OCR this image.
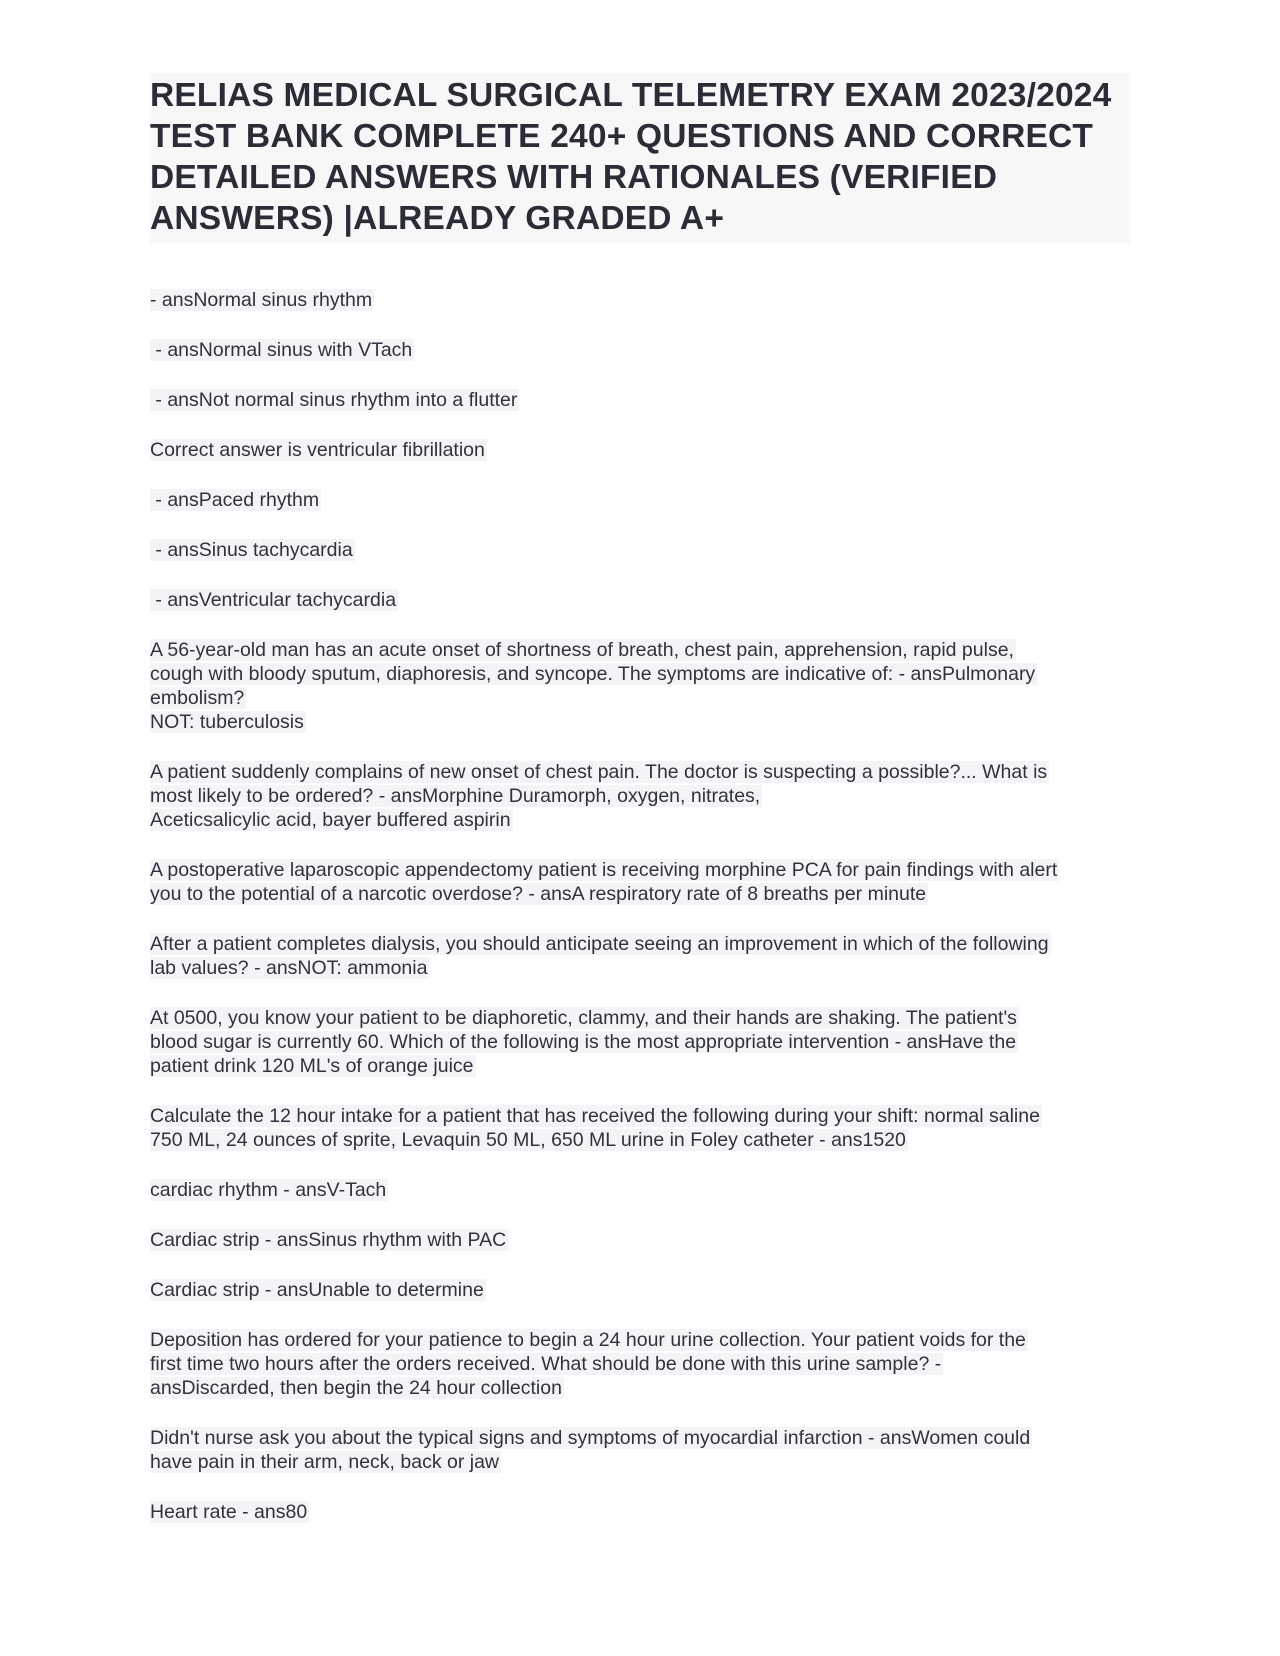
RELIAS MEDICAL SURGICAL TELEMETRY EXAM 2023/2024 TEST BANK COMPLETE 240+ QUESTIONS AND CORRECT DETAILED ANSWERS WITH RATIONALES (VERIFIED ANSWERS) |ALREADY GRADED A+
- ansNormal sinus rhythm
- ansNormal sinus with VTach
- ansNot normal sinus rhythm into a flutter
Correct answer is ventricular fibrillation
- ansPaced rhythm
- ansSinus tachycardia
- ansVentricular tachycardia
A 56-year-old man has an acute onset of shortness of breath, chest pain, apprehension, rapid pulse,
cough with bloody sputum, diaphoresis, and syncope. The symptoms are indicative of: - ansPulmonary
embolism?
NOT: tuberculosis
A patient suddenly complains of new onset of chest pain. The doctor is suspecting a possible?... What is
most likely to be ordered? - ansMorphine Duramorph, oxygen, nitrates,
Aceticsalicylic acid, bayer buffered aspirin
A postoperative laparoscopic appendectomy patient is receiving morphine PCA for pain findings with alert
you to the potential of a narcotic overdose? - ansA respiratory rate of 8 breaths per minute
After a patient completes dialysis, you should anticipate seeing an improvement in which of the following
lab values? - ansNOT: ammonia
At 0500, you know your patient to be diaphoretic, clammy, and their hands are shaking. The patient's
blood sugar is currently 60. Which of the following is the most appropriate intervention - ansHave the
patient drink 120 ML's of orange juice
Calculate the 12 hour intake for a patient that has received the following during your shift: normal saline
750 ML, 24 ounces of sprite, Levaquin 50 ML, 650 ML urine in Foley catheter - ans1520
cardiac rhythm - ansV-Tach
Cardiac strip - ansSinus rhythm with PAC
Cardiac strip - ansUnable to determine
Deposition has ordered for your patience to begin a 24 hour urine collection. Your patient voids for the
first time two hours after the orders received. What should be done with this urine sample? -
ansDiscarded, then begin the 24 hour collection
Didn't nurse ask you about the typical signs and symptoms of myocardial infarction - ansWomen could
have pain in their arm, neck, back or jaw
Heart rate - ans80
